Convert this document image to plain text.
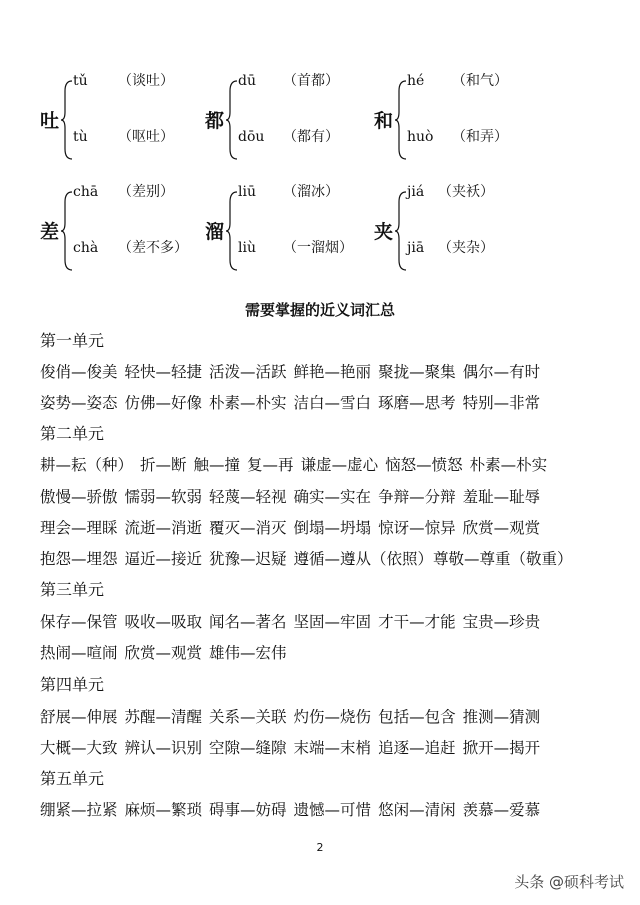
吐
tǔ
tù
（谈吐）
（呕吐）
都
dū
dōu
（首都）
（都有）
和
hé
huò
（和气）
（和弄）
差
chā
chà
（差别）
（差不多）
溜
liū
liù
（溜冰）
（一溜烟）
夹
jiá
jiā
（夹袄）
（夹杂）
需要掌握的近义词汇总
第一单元
俊俏—俊美 轻快—轻捷 活泼—活跃 鲜艳—艳丽 聚拢—聚集 偶尔—有时
姿势—姿态 仿佛—好像 朴素—朴实 洁白—雪白 琢磨—思考 特别—非常
第二单元
耕—耘（种） 折—断 触—撞 复—再 谦虚—虚心 恼怒—愤怒 朴素—朴实
傲慢—骄傲 懦弱—软弱 轻蔑—轻视 确实—实在 争辩—分辩 羞耻—耻辱
理会—理睬 流逝—消逝 覆灭—消灭 倒塌—坍塌 惊讶—惊异 欣赏—观赏
抱怨—埋怨 逼近—接近 犹豫—迟疑 遵循—遵从（依照）尊敬—尊重（敬重）
第三单元
保存—保管 吸收—吸取 闻名—著名 坚固—牢固 才干—才能 宝贵—珍贵
热闹—喧闹 欣赏—观赏 雄伟—宏伟
第四单元
舒展—伸展 苏醒—清醒 关系—关联 灼伤—烧伤 包括—包含 推测—猜测
大概—大致 辨认—识别 空隙—缝隙 末端—末梢 追逐—追赶 掀开—揭开
第五单元
绷紧—拉紧 麻烦—繁琐 碍事—妨碍 遗憾—可惜 悠闲—清闲 羡慕—爱慕
2
头条 @硕科考试
